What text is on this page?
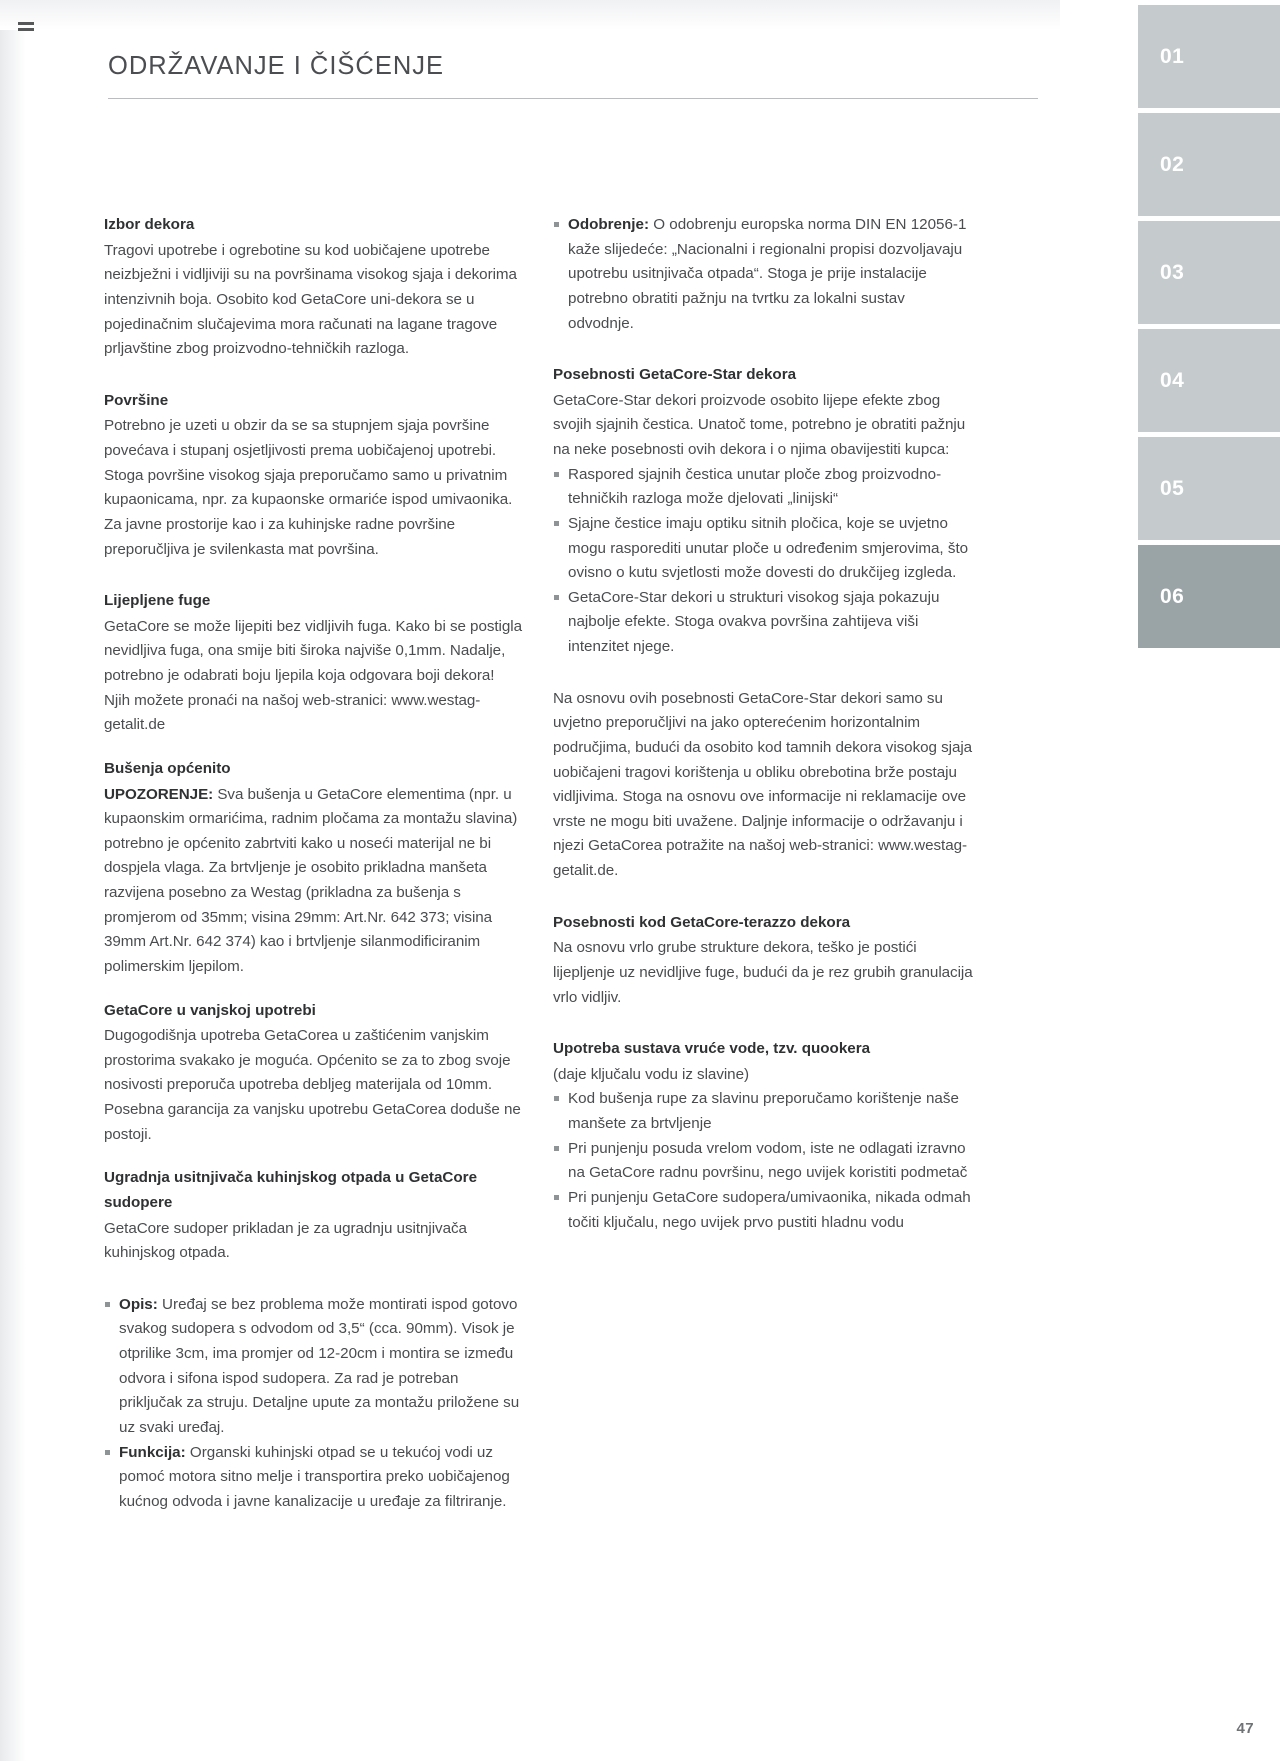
ODRŽAVANJE I ČIŠĆENJE	01
02
03
04
05
06
Izbor dekora

Tragovi upotrebe i ogrebotine su kod uobičajene upotrebe neizbježni i vidljiviji su na površinama visokog sjaja i dekorima intenzivnih boja. Osobito kod GetaCore uni-dekora se u pojedinačnim slučajevima mora računati na lagane tragove prljavštine zbog proizvodno-tehničkih razloga.

Površine

Potrebno je uzeti u obzir da se sa stupnjem sjaja površine povećava i stupanj osjetljivosti prema uobičajenoj upotrebi. Stoga površine visokog sjaja preporučamo samo u privatnim kupaonicama, npr. za kupaonske ormariće ispod umivaonika. Za javne prostorije kao i za kuhinjske radne površine preporučljiva je svilenkasta mat površina.

Lijepljene fuge

GetaCore se može lijepiti bez vidljivih fuga. Kako bi se postigla nevidljiva fuga, ona smije biti široka najviše 0,1mm. Nadalje, potrebno je odabrati boju ljepila koja odgovara boji dekora! Njih možete pronaći na našoj web-stranici: www.westag-getalit.de

Bušenja općenito

UPOZORENJE: Sva bušenja u GetaCore elementima (npr. u kupaonskim ormarićima, radnim pločama za montažu slavina) potrebno je općenito zabrtviti kako u noseći materijal ne bi dospjela vlaga. Za brtvljenje je osobito prikladna manšeta razvijena posebno za Westag (prikladna za bušenja s promjerom od 35mm; visina 29mm: Art.Nr. 642 373; visina 39mm Art.Nr. 642 374) kao i brtvljenje silanmodificiranim polimerskim ljepilom.

GetaCore u vanjskoj upotrebi

Dugogodišnja upotreba GetaCorea u zaštićenim vanjskim prostorima svakako je moguća. Općenito se za to zbog svoje nosivosti preporuča upotreba debljeg materijala od 10mm. Posebna garancija za vanjsku upotrebu GetaCorea doduše ne postoji.

Ugradnja usitnjivača kuhinjskog otpada u GetaCore sudopere

GetaCore sudoper prikladan je za ugradnju usitnjivača kuhinjskog otpada.

Opis: Uređaj se bez problema može montirati ispod gotovo svakog sudopera s odvodom od 3,5“ (cca. 90mm). Visok je otprilike 3cm, ima promjer od 12-20cm i montira se između odvora i sifona ispod sudopera. Za rad je potreban priključak za struju. Detaljne upute za montažu priložene su uz svaki uređaj.
Funkcija: Organski kuhinjski otpad se u tekućoj vodi uz pomoć motora sitno melje i transportira preko uobičajenog kućnog odvoda i javne kanalizacije u uređaje za filtriranje.
Odobrenje: O odobrenju europska norma DIN EN 12056-1 kaže slijedeće: „Nacionalni i regionalni propisi dozvoljavaju upotrebu usitnjivača otpada“. Stoga je prije instalacije potrebno obratiti pažnju na tvrtku za lokalni sustav odvodnje.
Posebnosti GetaCore-Star dekora

GetaCore-Star dekori proizvode osobito lijepe efekte zbog svojih sjajnih čestica. Unatoč tome, potrebno je obratiti pažnju na neke posebnosti ovih dekora i o njima obavijestiti kupca:

Raspored sjajnih čestica unutar ploče zbog proizvodno-tehničkih razloga može djelovati „linijski“
Sjajne čestice imaju optiku sitnih pločica, koje se uvjetno mogu rasporediti unutar ploče u određenim smjerovima, što ovisno o kutu svjetlosti može dovesti do drukčijeg izgleda.
GetaCore-Star dekori u strukturi visokog sjaja pokazuju najbolje efekte. Stoga ovakva površina zahtijeva viši intenzitet njege.

Na osnovu ovih posebnosti GetaCore-Star dekori samo su uvjetno preporučljivi na jako opterećenim horizontalnim područjima, budući da osobito kod tamnih dekora visokog sjaja uobičajeni tragovi korištenja u obliku obrebotina brže postaju vidljivima. Stoga na osnovu ove informacije ni reklamacije ove vrste ne mogu biti uvažene. Daljnje informacije o održavanju i njezi GetaCorea potražite na našoj web-stranici: www.westag-getalit.de.

Posebnosti kod GetaCore-terazzo dekora

Na osnovu vrlo grube strukture dekora, teško je postići lijepljenje uz nevidljive fuge, budući da je rez grubih granulacija vrlo vidljiv.

Upotreba sustava vruće vode, tzv. quookera

(daje ključalu vodu iz slavine)

Kod bušenja rupe za slavinu preporučamo korištenje naše manšete za brtvljenje
Pri punjenju posuda vrelom vodom, iste ne odlagati izravno na GetaCore radnu površinu, nego uvijek koristiti podmetač
Pri punjenju GetaCore sudopera/umivaonika, nikada odmah točiti ključalu, nego uvijek prvo pustiti hladnu vodu
47
